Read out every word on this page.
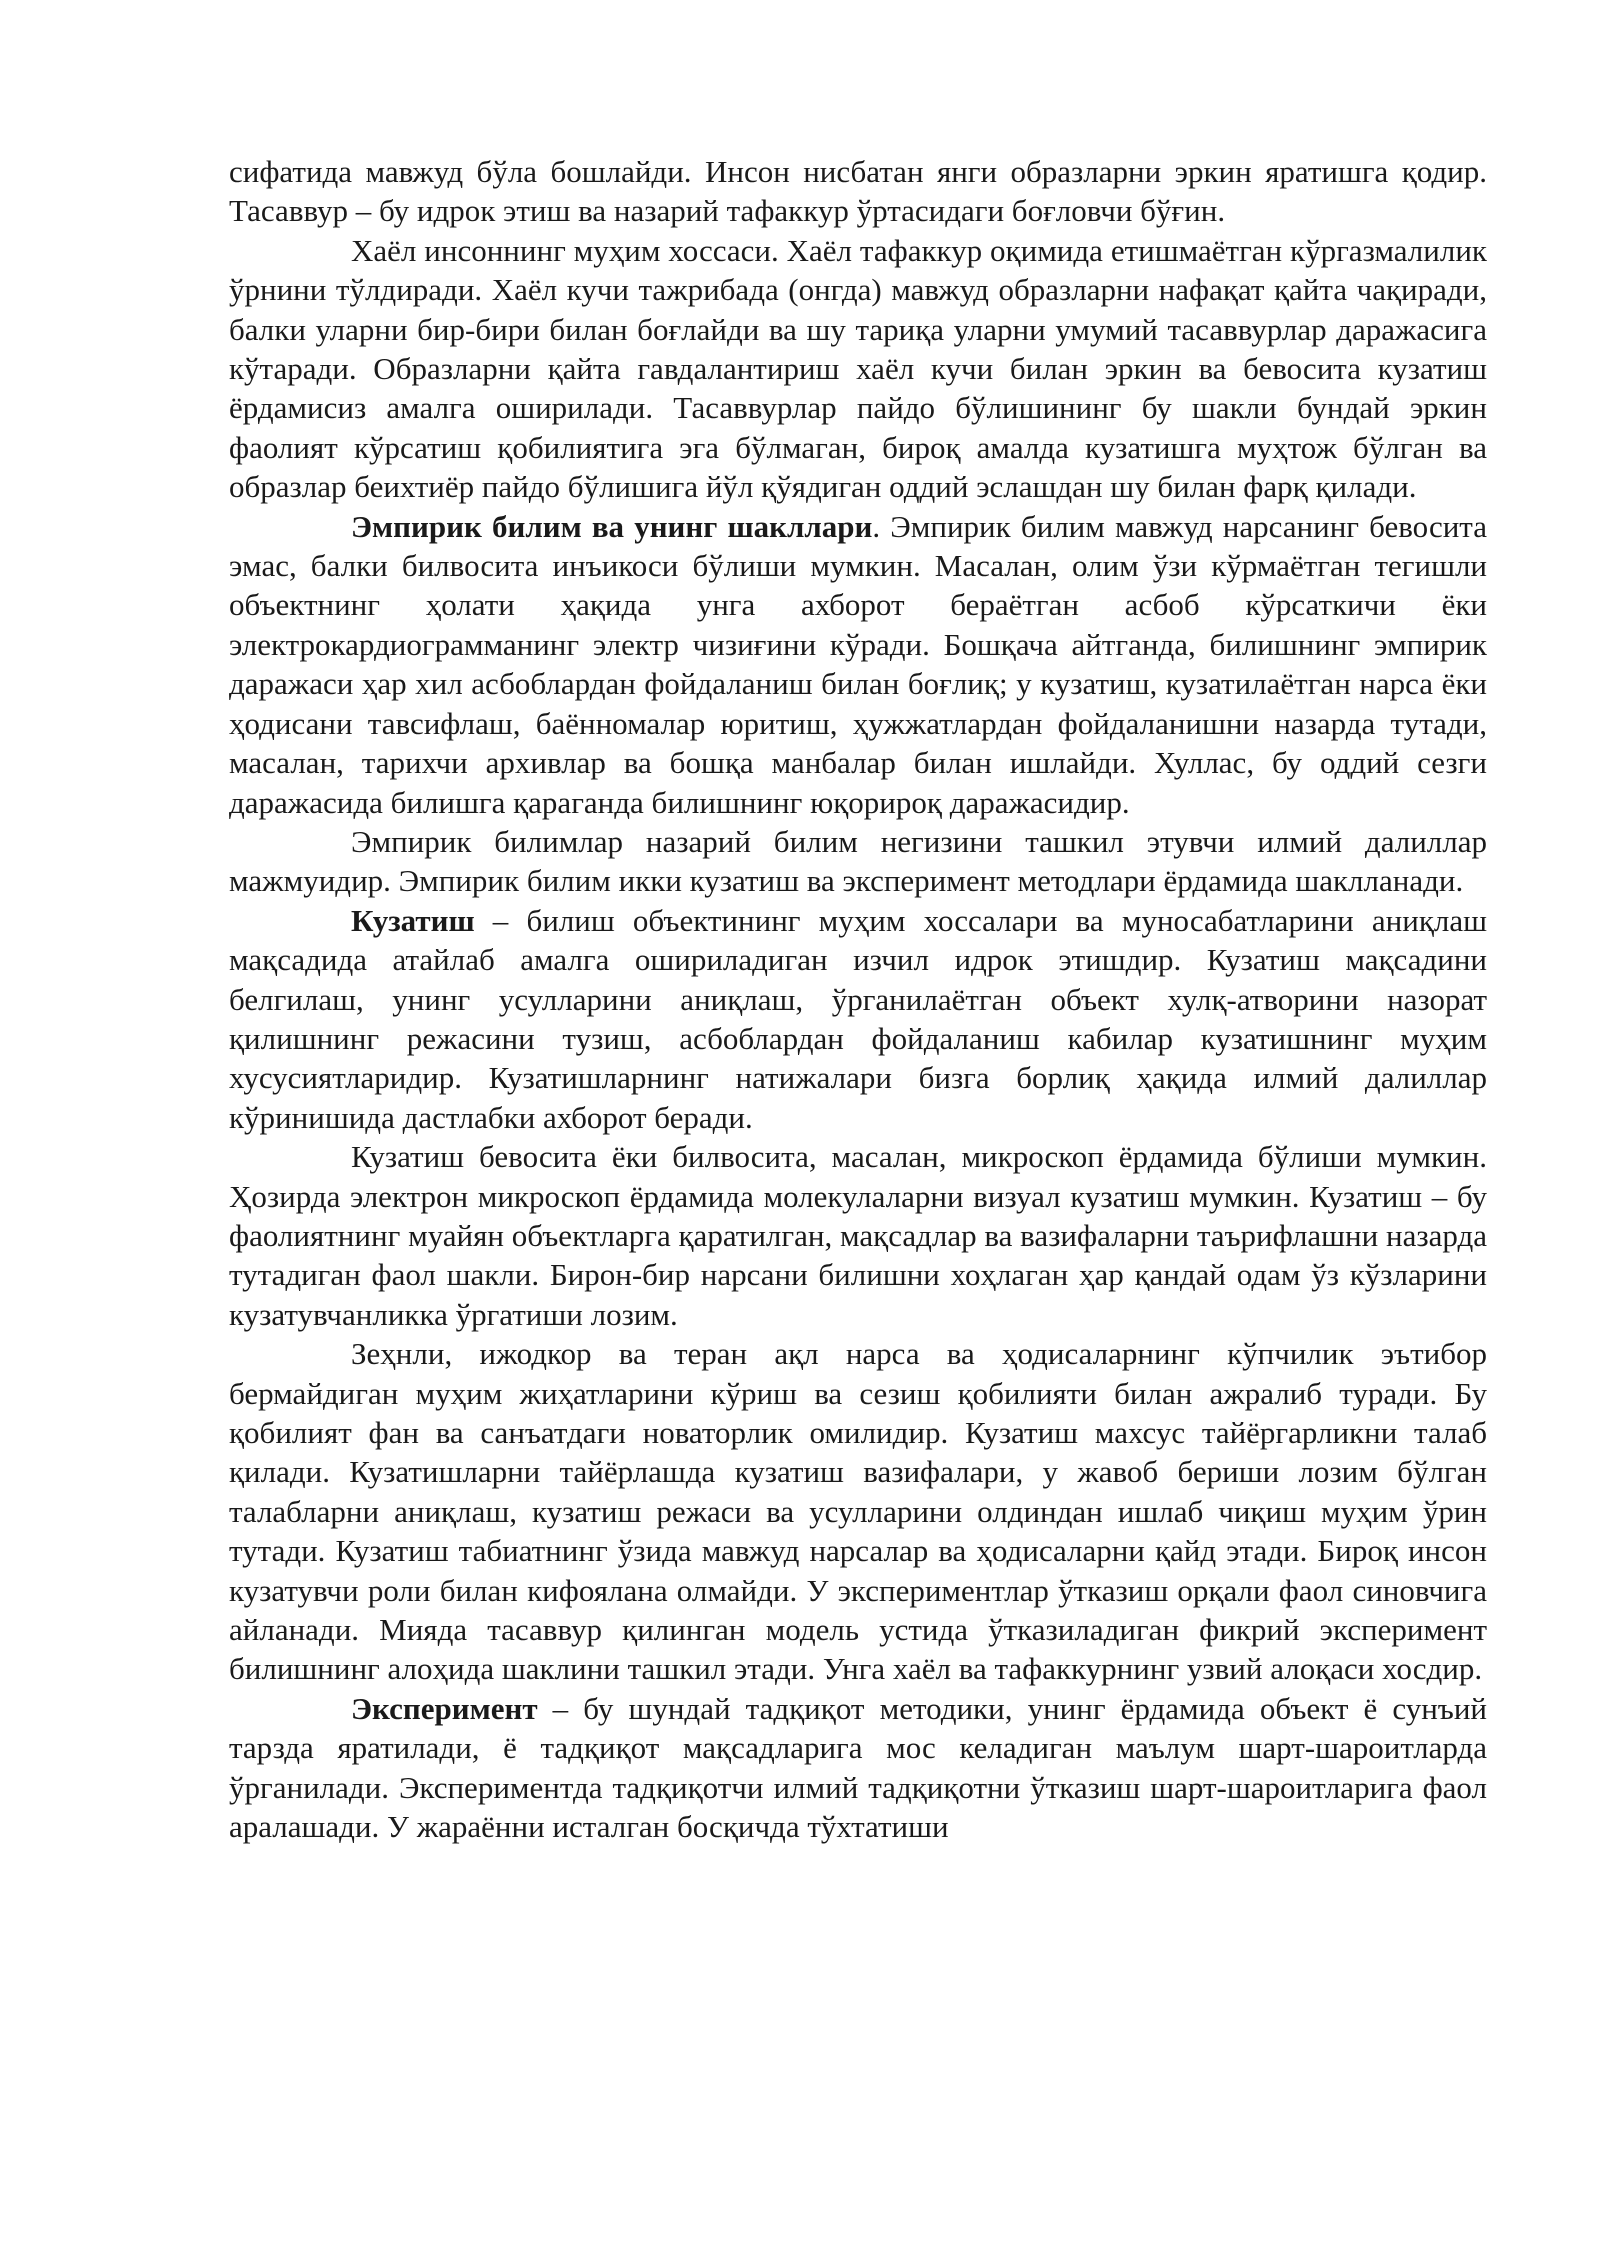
сифатида мавжуд бўла бошлайди. Инсон нисбатан янги образларни эркин яратишга қодир. Тасаввур – бу идрок этиш ва назарий тафаккур ўртасидаги боғловчи бўғин.

Хаёл инсоннинг муҳим хоссаси. Хаёл тафаккур оқимида етишмаётган кўргазмалилик ўрнини тўлдиради. Хаёл кучи тажрибада (онгда) мавжуд образларни нафақат қайта чақиради, балки уларни бир-бири билан боғлайди ва шу тариқа уларни умумий тасаввурлар даражасига кўтаради. Образларни қайта гавдалантириш хаёл кучи билан эркин ва бевосита кузатиш ёрдамисиз амалга оширилади. Тасаввурлар пайдо бўлишининг бу шакли бундай эркин фаолият кўрсатиш қобилиятига эга бўлмаган, бироқ амалда кузатишга муҳтож бўлган ва образлар беихтиёр пайдо бўлишига йўл қўядиган оддий эслашдан шу билан фарқ қилади.

Эмпирик билим ва унинг шакллари. Эмпирик билим мавжуд нарсанинг бевосита эмас, балки билвосита инъикоси бўлиши мумкин. Масалан, олим ўзи кўрмаётган тегишли объектнинг ҳолати ҳақида унга ахборот бераётган асбоб кўрсаткичи ёки электрокардиограмманинг электр чизиғини кўради. Бошқача айтганда, билишнинг эмпирик даражаси ҳар хил асбоблардан фойдаланиш билан боғлиқ; у кузатиш, кузатилаётган нарса ёки ҳодисани тавсифлаш, баённомалар юритиш, ҳужжатлардан фойдаланишни назарда тутади, масалан, тарихчи архивлар ва бошқа манбалар билан ишлайди. Хуллас, бу оддий сезги даражасида билишга қараганда билишнинг юқорироқ даражасидир.

Эмпирик билимлар назарий билим негизини ташкил этувчи илмий далиллар мажмуидир. Эмпирик билим икки кузатиш ва эксперимент методлари ёрдамида шаклланади.

Кузатиш – билиш объектининг муҳим хоссалари ва муносабатларини аниқлаш мақсадида атайлаб амалга ошириладиган изчил идрок этишдир. Кузатиш мақсадини белгилаш, унинг усулларини аниқлаш, ўрганилаётган объект хулқ-атворини назорат қилишнинг режасини тузиш, асбоблардан фойдаланиш кабилар кузатишнинг муҳим хусусиятларидир. Кузатишларнинг натижалари бизга борлиқ ҳақида илмий далиллар кўринишида дастлабки ахборот беради.

Кузатиш бевосита ёки билвосита, масалан, микроскоп ёрдамида бўлиши мумкин. Ҳозирда электрон микроскоп ёрдамида молекулаларни визуал кузатиш мумкин. Кузатиш – бу фаолиятнинг муайян объектларга қаратилган, мақсадлар ва вазифаларни таърифлашни назарда тутадиган фаол шакли. Бирон-бир нарсани билишни хоҳлаган ҳар қандай одам ўз кўзларини кузатувчанликка ўргатиши лозим.

Зеҳнли, ижодкор ва теран ақл нарса ва ҳодисаларнинг кўпчилик эътибор бермайдиган муҳим жиҳатларини кўриш ва сезиш қобилияти билан ажралиб туради. Бу қобилият фан ва санъатдаги новаторлик омилидир. Кузатиш махсус тайёргарликни талаб қилади. Кузатишларни тайёрлашда кузатиш вазифалари, у жавоб бериши лозим бўлган талабларни аниқлаш, кузатиш режаси ва усулларини олдиндан ишлаб чиқиш муҳим ўрин тутади. Кузатиш табиатнинг ўзида мавжуд нарсалар ва ҳодисаларни қайд этади. Бироқ инсон кузатувчи роли билан кифоялана олмайди. У экспериментлар ўтказиш орқали фаол синовчига айланади. Мияда тасаввур қилинган модель устида ўтказиладиган фикрий эксперимент билишнинг алоҳида шаклини ташкил этади. Унга хаёл ва тафаккурнинг узвий алоқаси хосдир.

Эксперимент – бу шундай тадқиқот методики, унинг ёрдамида объект ё сунъий тарзда яратилади, ё тадқиқот мақсадларига мос келадиган маълум шарт-шароитларда ўрганилади. Экспериментда тадқиқотчи илмий тадқиқотни ўтказиш шарт-шароитларига фаол аралашади. У жараённи исталган босқичда тўхтатиши
